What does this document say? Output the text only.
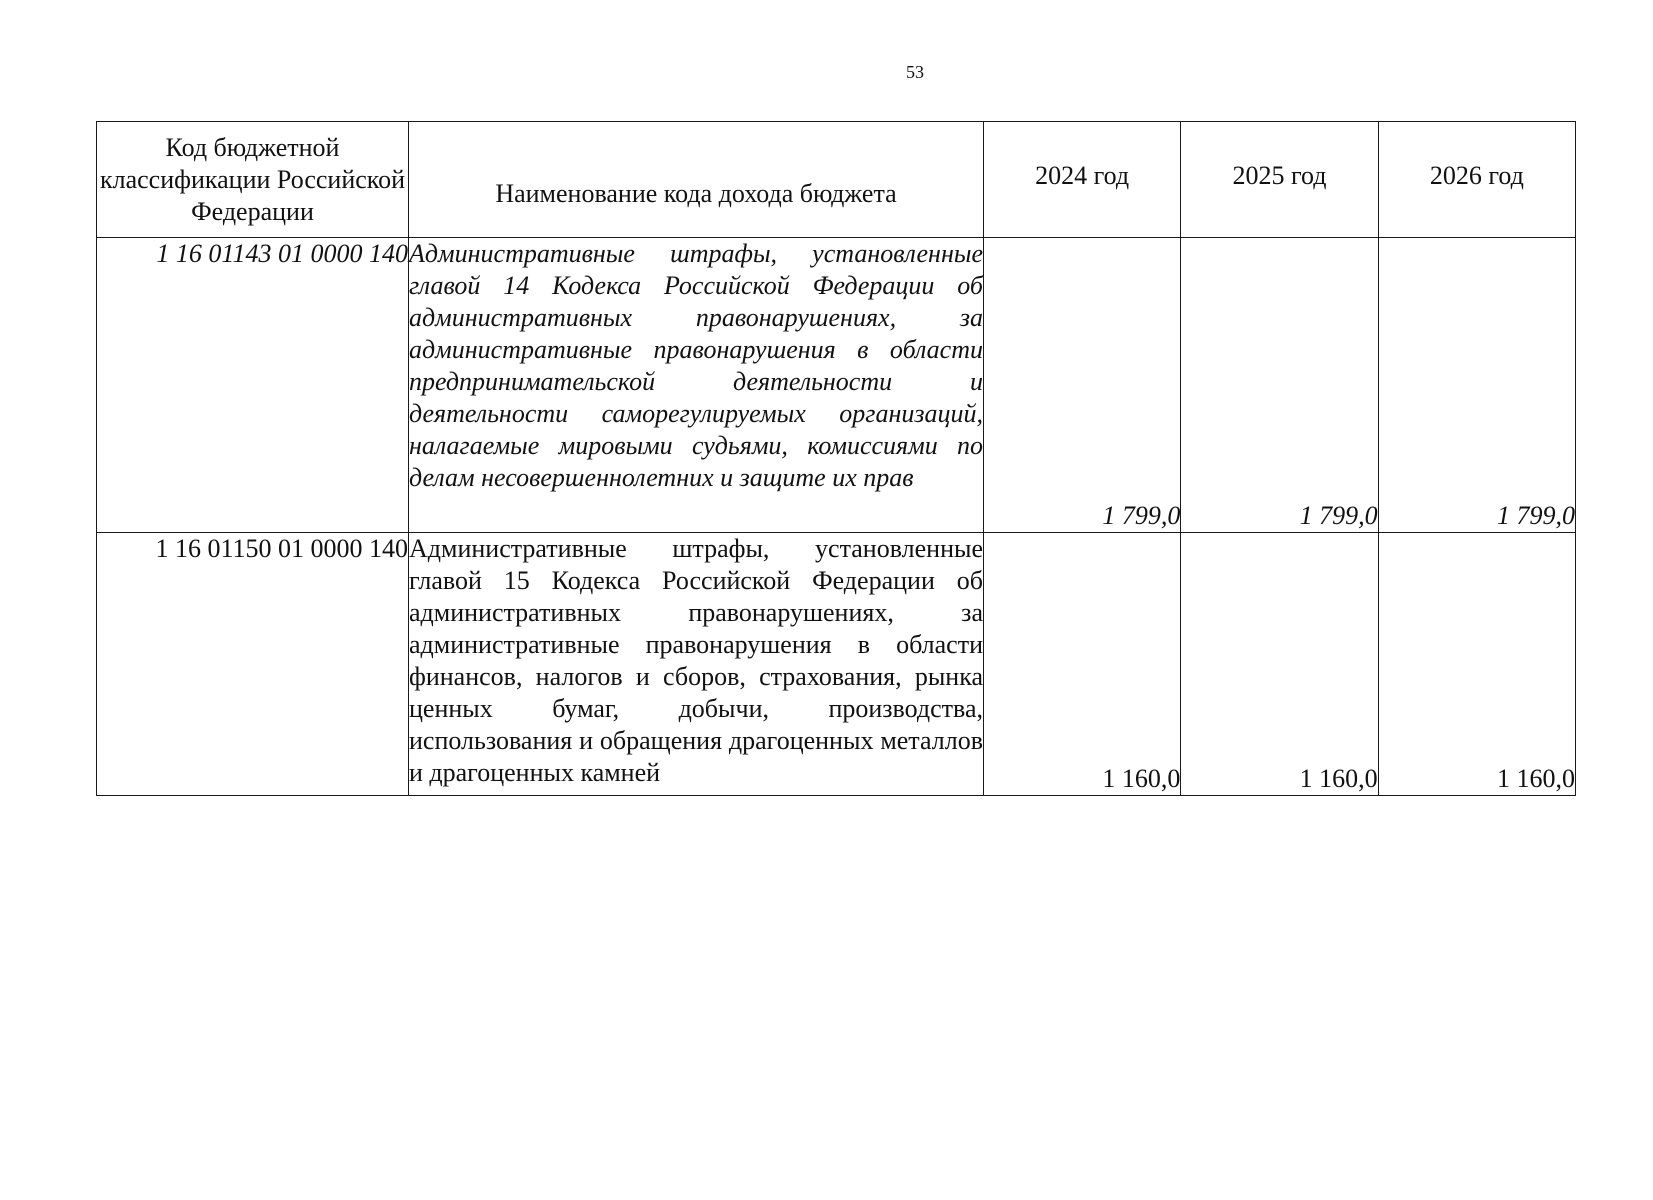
53
Код бюджетной классификации Российской Федерации	Наименование кода дохода бюджета	2024 год	2025 год	2026 год

1 16 01143 01 0000 140	Административные штрафы, установленные главой 14 Кодекса Российской Федерации об административных правонарушениях, за административные правонарушения в области предпринимательской деятельности и деятельности саморегулируемых организаций, налагаемые мировыми судьями, комиссиями по делам несовершеннолетних и защите их прав	1 799,0	1 799,0	1 799,0
1 16 01150 01 0000 140	Административные штрафы, установленные главой 15 Кодекса Российской Федерации об административных правонарушениях, за административные правонарушения в области финансов, налогов и сборов, страхования, рынка ценных бумаг, добычи, производства, использования и обращения драгоценных металлов и драгоценных камней	1 160,0	1 160,0	1 160,0
